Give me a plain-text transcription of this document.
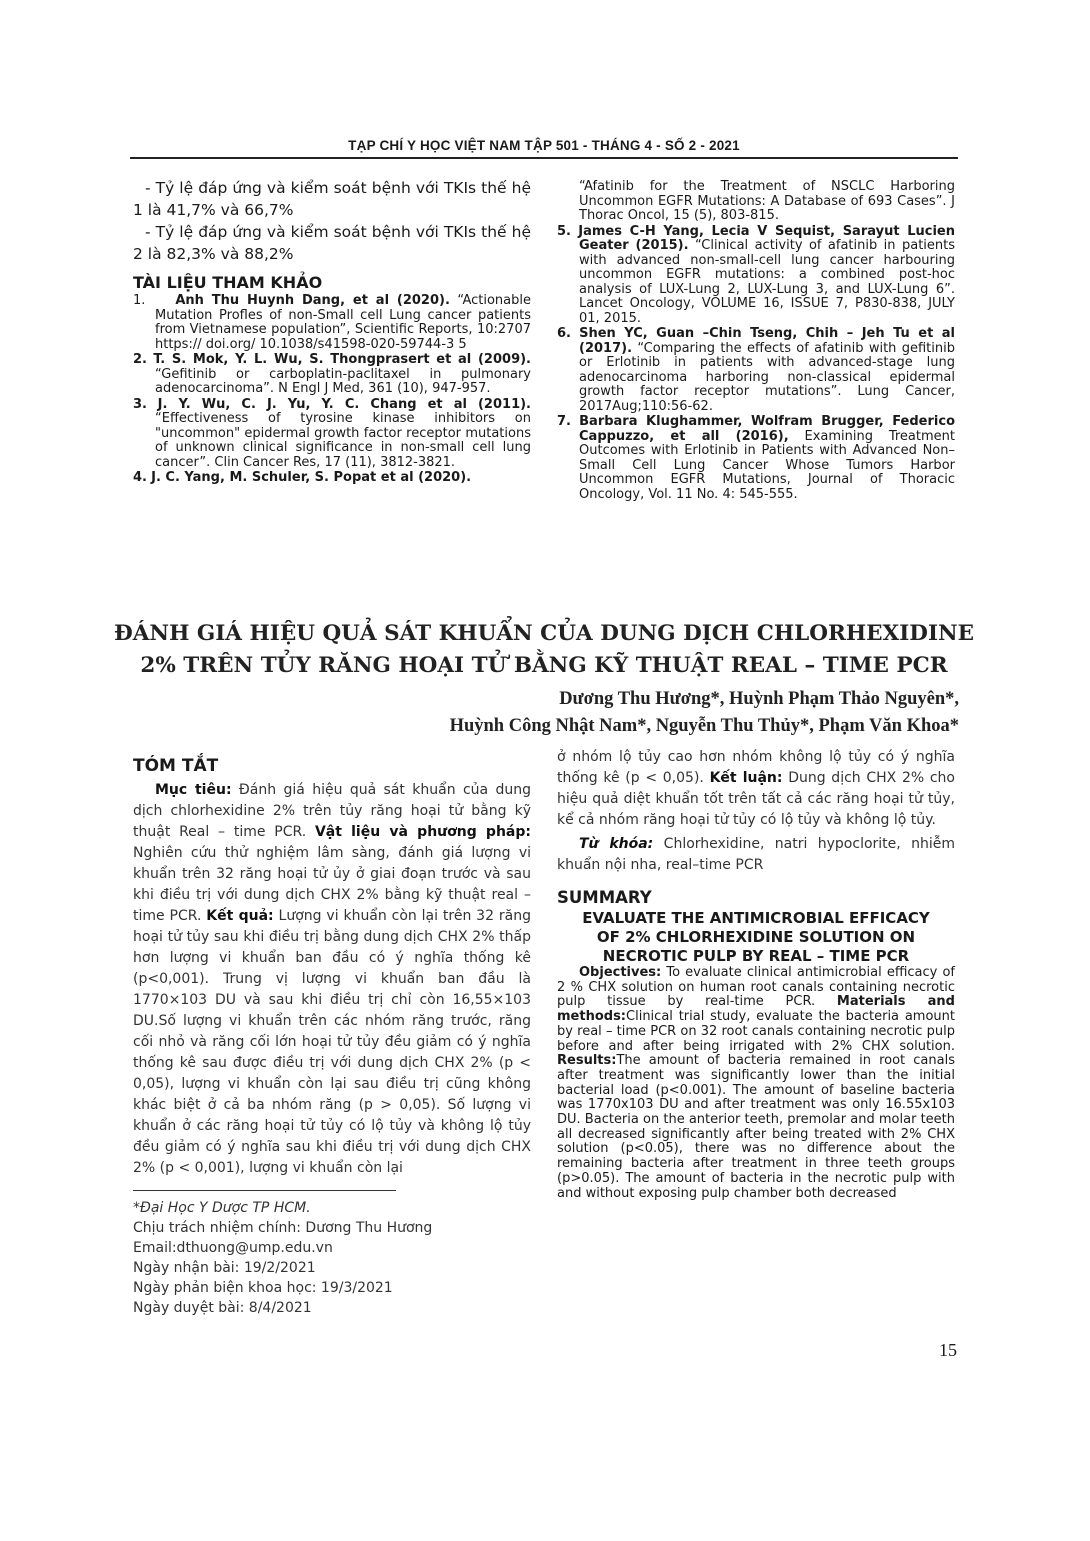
TẠP CHÍ Y HỌC VIỆT NAM TẬP 501 - THÁNG 4 - SỐ 2 - 2021

- Tỷ lệ đáp ứng và kiểm soát bệnh với TKIs thế hệ 1 là 41,7% và 66,7%

- Tỷ lệ đáp ứng và kiểm soát bệnh với TKIs thế hệ 2 là 82,3% và 88,2%

TÀI LIỆU THAM KHẢO

1. Anh Thu Huynh Dang, et al (2020). “Actionable Mutation Profles of non-Small cell Lung cancer patients from Vietnamese population”, Scientific Reports, 10:2707 https:// doi.org/ 10.1038/s41598-020-59744-3 5

2. T. S. Mok, Y. L. Wu, S. Thongprasert et al (2009). “Gefitinib or carboplatin-paclitaxel in pulmonary adenocarcinoma”. N Engl J Med, 361 (10), 947-957.

3. J. Y. Wu, C. J. Yu, Y. C. Chang et al (2011). “Effectiveness of tyrosine kinase inhibitors on "uncommon" epidermal growth factor receptor mutations of unknown clinical significance in non-small cell lung cancer”. Clin Cancer Res, 17 (11), 3812-3821.

4. J. C. Yang, M. Schuler, S. Popat et al (2020).

“Afatinib for the Treatment of NSCLC Harboring Uncommon EGFR Mutations: A Database of 693 Cases”. J Thorac Oncol, 15 (5), 803-815.

5. James C-H Yang, Lecia V Sequist, Sarayut Lucien Geater (2015). “Clinical activity of afatinib in patients with advanced non-small-cell lung cancer harbouring uncommon EGFR mutations: a combined post-hoc analysis of LUX-Lung 2, LUX-Lung 3, and LUX-Lung 6”. Lancet Oncology, VOLUME 16, ISSUE 7, P830-838, JULY 01, 2015.

6. Shen YC, Guan –Chin Tseng, Chih – Jeh Tu et al (2017). “Comparing the effects of afatinib with gefitinib or Erlotinib in patients with advanced-stage lung adenocarcinoma harboring non-classical epidermal growth factor receptor mutations”. Lung Cancer, 2017Aug;110:56-62.

7. Barbara Klughammer, Wolfram Brugger, Federico Cappuzzo, et all (2016), Examining Treatment Outcomes with Erlotinib in Patients with Advanced Non–Small Cell Lung Cancer Whose Tumors Harbor Uncommon EGFR Mutations, Journal of Thoracic Oncology, Vol. 11 No. 4: 545-555.

ĐÁNH GIÁ HIỆU QUẢ SÁT KHUẨN CỦA DUNG DỊCH CHLORHEXIDINE
2% TRÊN TỦY RĂNG HOẠI TỬ BẰNG KỸ THUẬT REAL – TIME PCR
Dương Thu Hương*, Huỳnh Phạm Thảo Nguyên*,
Huỳnh Công Nhật Nam*, Nguyễn Thu Thủy*, Phạm Văn Khoa*
TÓM TẮT

Mục tiêu: Đánh giá hiệu quả sát khuẩn của dung dịch chlorhexidine 2% trên tủy răng hoại tử bằng kỹ thuật Real – time PCR. Vật liệu và phương pháp: Nghiên cứu thử nghiệm lâm sàng, đánh giá lượng vi khuẩn trên 32 răng hoại tử ủy ở giai đoạn trước và sau khi điều trị với dung dịch CHX 2% bằng kỹ thuật real – time PCR. Kết quả: Lượng vi khuẩn còn lại trên 32 răng hoại tử tủy sau khi điều trị bằng dung dịch CHX 2% thấp hơn lượng vi khuẩn ban đầu có ý nghĩa thống kê (p<0,001). Trung vị lượng vi khuẩn ban đầu là 1770×103 DU và sau khi điều trị chỉ còn 16,55×103 DU.Số lượng vi khuẩn trên các nhóm răng trước, răng cối nhỏ và răng cối lớn hoại tử tủy đều giảm có ý nghĩa thống kê sau được điều trị với dung dịch CHX 2% (p < 0,05), lượng vi khuẩn còn lại sau điều trị cũng không khác biệt ở cả ba nhóm răng (p > 0,05). Số lượng vi khuẩn ở các răng hoại tử tủy có lộ tủy và không lộ tủy đều giảm có ý nghĩa sau khi điều trị với dung dịch CHX 2% (p < 0,001), lượng vi khuẩn còn lại

ở nhóm lộ tủy cao hơn nhóm không lộ tủy có ý nghĩa thống kê (p < 0,05). Kết luận: Dung dịch CHX 2% cho hiệu quả diệt khuẩn tốt trên tất cả các răng hoại tử tủy, kể cả nhóm răng hoại tử tủy có lộ tủy và không lộ tủy.

Từ khóa: Chlorhexidine, natri hypoclorite, nhiễm khuẩn nội nha, real–time PCR

SUMMARY
EVALUATE THE ANTIMICROBIAL EFFICACY
OF 2% CHLORHEXIDINE SOLUTION ON
NECROTIC PULP BY REAL – TIME PCR

Objectives: To evaluate clinical antimicrobial efficacy of 2 % CHX solution on human root canals containing necrotic pulp tissue by real-time PCR. Materials and methods:Clinical trial study, evaluate the bacteria amount by real – time PCR on 32 root canals containing necrotic pulp before and after being irrigated with 2% CHX solution. Results:The amount of bacteria remained in root canals after treatment was significantly lower than the initial bacterial load (p<0.001). The amount of baseline bacteria was 1770x103 DU and after treatment was only 16.55x103 DU. Bacteria on the anterior teeth, premolar and molar teeth all decreased significantly after being treated with 2% CHX solution (p<0.05), there was no difference about the remaining bacteria after treatment in three teeth groups (p>0.05). The amount of bacteria in the necrotic pulp with and without exposing pulp chamber both decreased

*Đại Học Y Dược TP HCM.
Chịu trách nhiệm chính: Dương Thu Hương
Email:dthuong@ump.edu.vn
Ngày nhận bài: 19/2/2021
Ngày phản biện khoa học: 19/3/2021
Ngày duyệt bài: 8/4/2021
15
